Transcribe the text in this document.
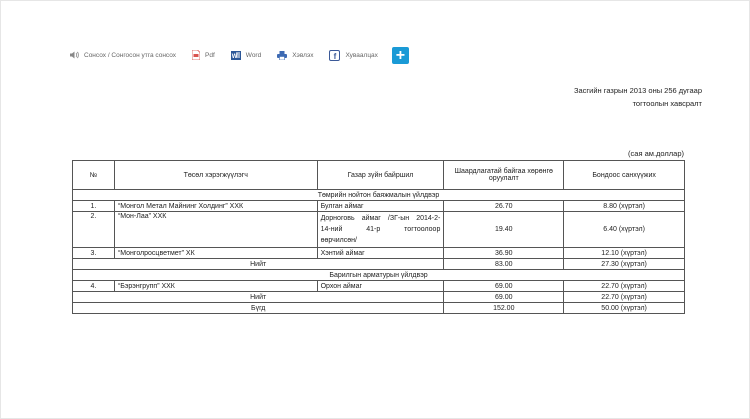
Сонсох / Сонгосон утга сонсох	Pdf	W Word	Хэвлэх	f	Хуваалцах +
Засгийн газрын 2013 оны 256 дугаар
тогтоолын хавсралт
(сая ам.доллар)
№	Төсөл хэрэгжүүлэгч	Газар зүйн байршил	Шаардлагатай байгаа хөрөнгө оруулалт	Бондоос санхүүжих
Төмрийн нойтон баяжмалын үйлдвэр				
1.	“Монгол Метал Майнинг Холдинг” ХХК	Булган аймаг	26.70	8.80 (хүртэл)
2.	“Мон-Лаа” ХХК	Дорноговь аймаг /ЗГ-ын 2014-2-
14-ний 41-р тогтоолоор
өөрчилсөн/	19.40	6.40 (хүртэл)
3.	“Монголросцветмет” ХК	Хэнтий аймаг	36.90	12.10 (хүртэл)
Нийт			83.00	27.30 (хүртэл)
Барилгын арматурын үйлдвэр				
4.	“Бэрэнгрупп” ХХК	Орхон аймаг	69.00	22.70 (хүртэл)
Нийт			69.00	22.70 (хүртэл)
Бүгд			152.00	50.00 (хүртэл)
